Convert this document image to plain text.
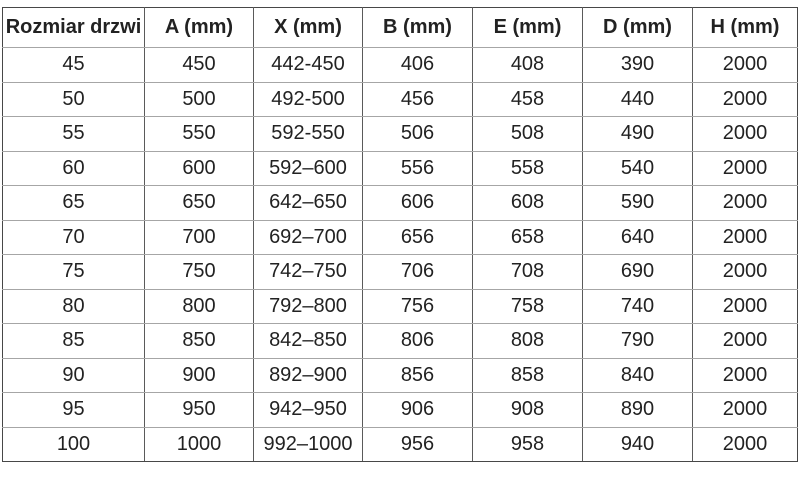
Rozmiar drzwi	A (mm)	X (mm)	B (mm)	E (mm)	D (mm)	H (mm)
45	450	442-450	406	408	390	2000
50	500	492-500	456	458	440	2000
55	550	592-550	506	508	490	2000
60	600	592–600	556	558	540	2000
65	650	642–650	606	608	590	2000
70	700	692–700	656	658	640	2000
75	750	742–750	706	708	690	2000
80	800	792–800	756	758	740	2000
85	850	842–850	806	808	790	2000
90	900	892–900	856	858	840	2000
95	950	942–950	906	908	890	2000
100	1000	992–1000	956	958	940	2000
